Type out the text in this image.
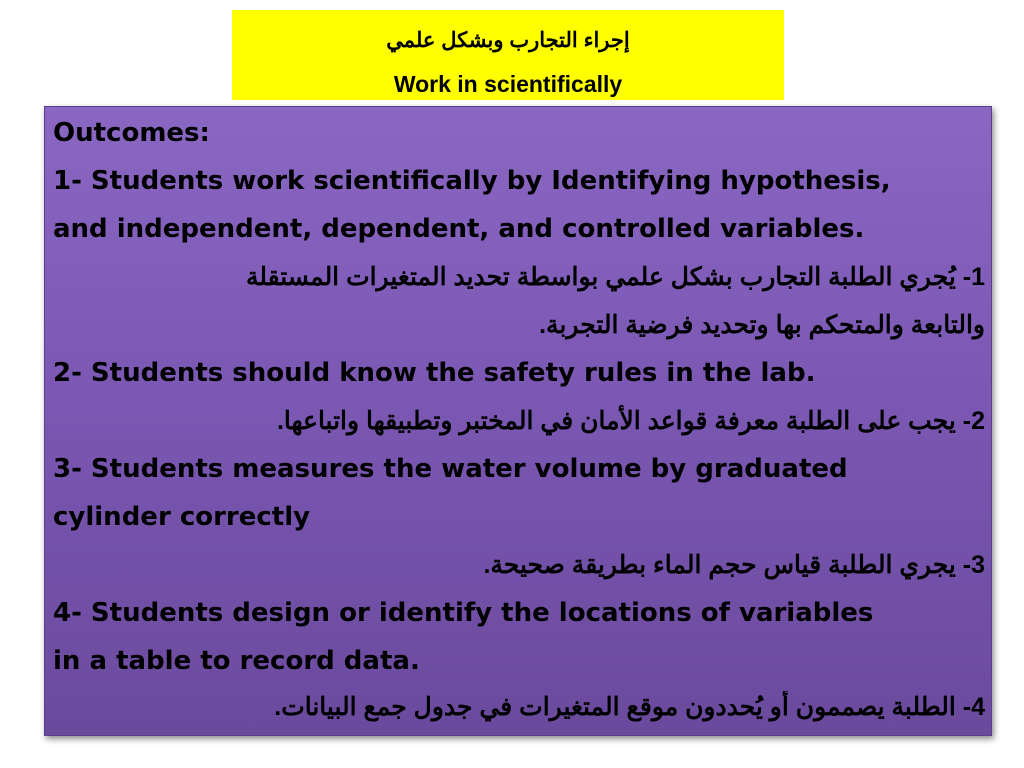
إجراء التجارب وبشكل علمي
Work in scientifically
Outcomes:
1- Students work scientifically by Identifying hypothesis,
and independent, dependent, and controlled variables.
1- يُجري الطلبة التجارب بشكل علمي بواسطة تحديد المتغيرات المستقلة
والتابعة والمتحكم بها وتحديد فرضية التجربة.
2- Students should know the safety rules in the lab.
2- يجب على الطلبة معرفة قواعد الأمان في المختبر وتطبيقها واتباعها.
3- Students measures the water volume by graduated
cylinder correctly
3- يجري الطلبة قياس حجم الماء بطريقة صحيحة.
4- Students design or identify the locations of variables
in a table to record data.
4- الطلبة يصممون أو يُحددون موقع المتغيرات في جدول جمع البيانات.
